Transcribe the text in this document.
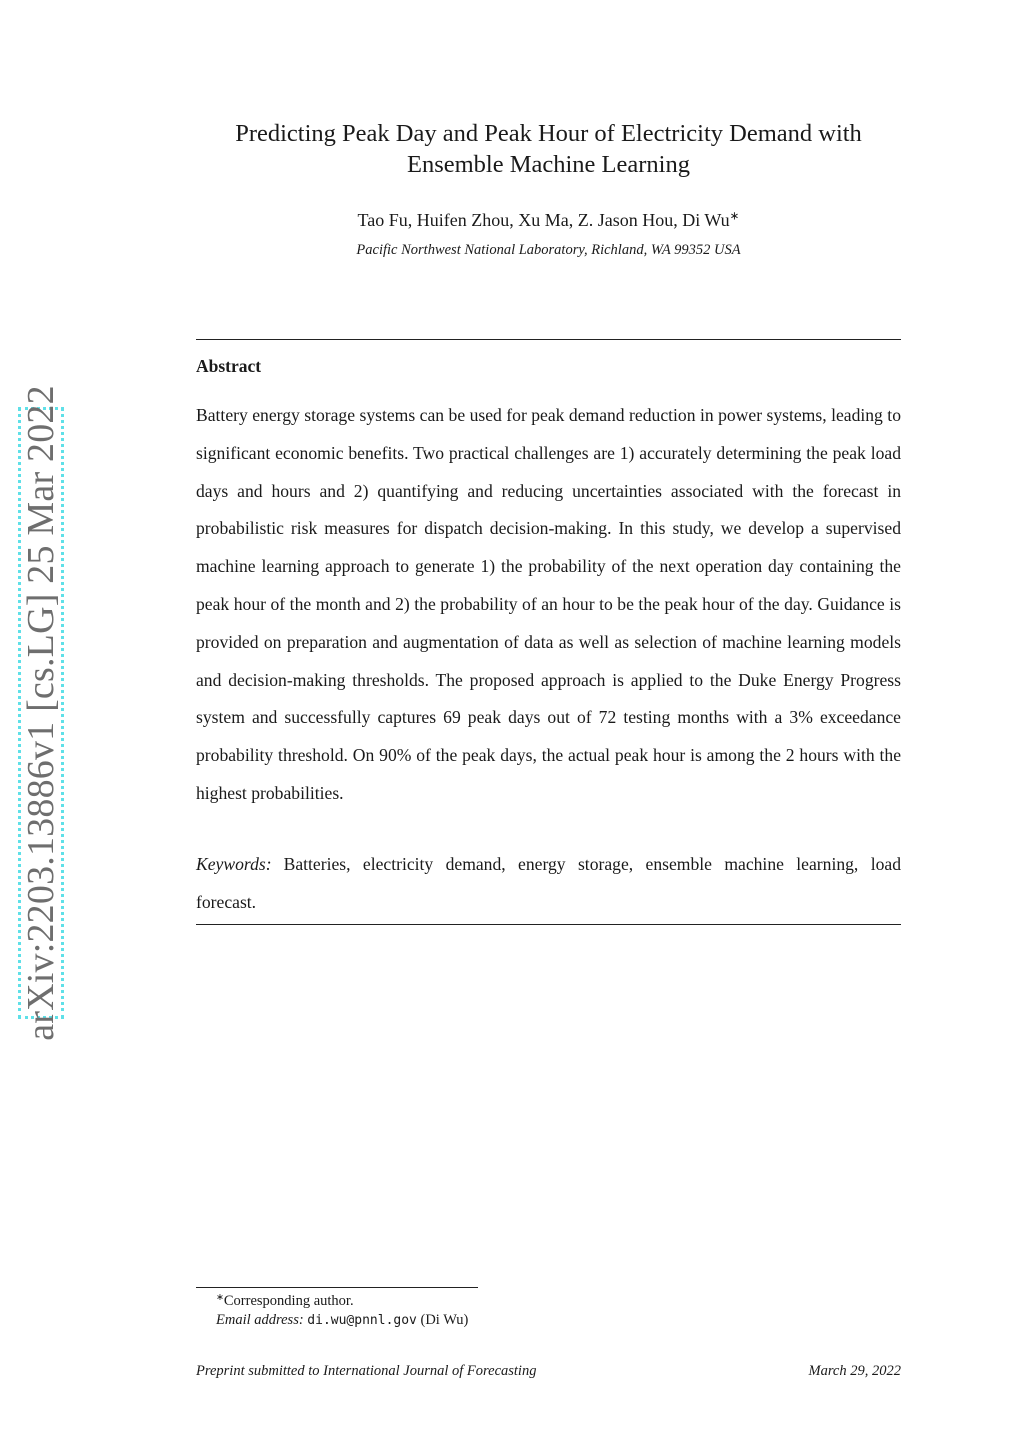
arXiv:2203.13886v1 [cs.LG] 25 Mar 2022
Predicting Peak Day and Peak Hour of Electricity Demand with Ensemble Machine Learning
Tao Fu, Huifen Zhou, Xu Ma, Z. Jason Hou, Di Wu∗
Pacific Northwest National Laboratory, Richland, WA 99352 USA
Abstract

Battery energy storage systems can be used for peak demand reduction in power systems, leading to significant economic benefits. Two practical challenges are 1) accurately determining the peak load days and hours and 2) quantifying and reducing uncertainties associated with the forecast in probabilistic risk measures for dispatch decision-making. In this study, we develop a supervised machine learning approach to generate 1) the probability of the next operation day containing the peak hour of the month and 2) the probability of an hour to be the peak hour of the day. Guidance is provided on preparation and augmentation of data as well as selection of machine learning models and decision-making thresholds. The proposed approach is applied to the Duke Energy Progress system and successfully captures 69 peak days out of 72 testing months with a 3% exceedance probability threshold. On 90% of the peak days, the actual peak hour is among the 2 hours with the highest probabilities.

Keywords: Batteries, electricity demand, energy storage, ensemble machine learning, load forecast.

∗Corresponding author.
Email address: di.wu@pnnl.gov (Di Wu)
Preprint submitted to International Journal of Forecasting	March 29, 2022
